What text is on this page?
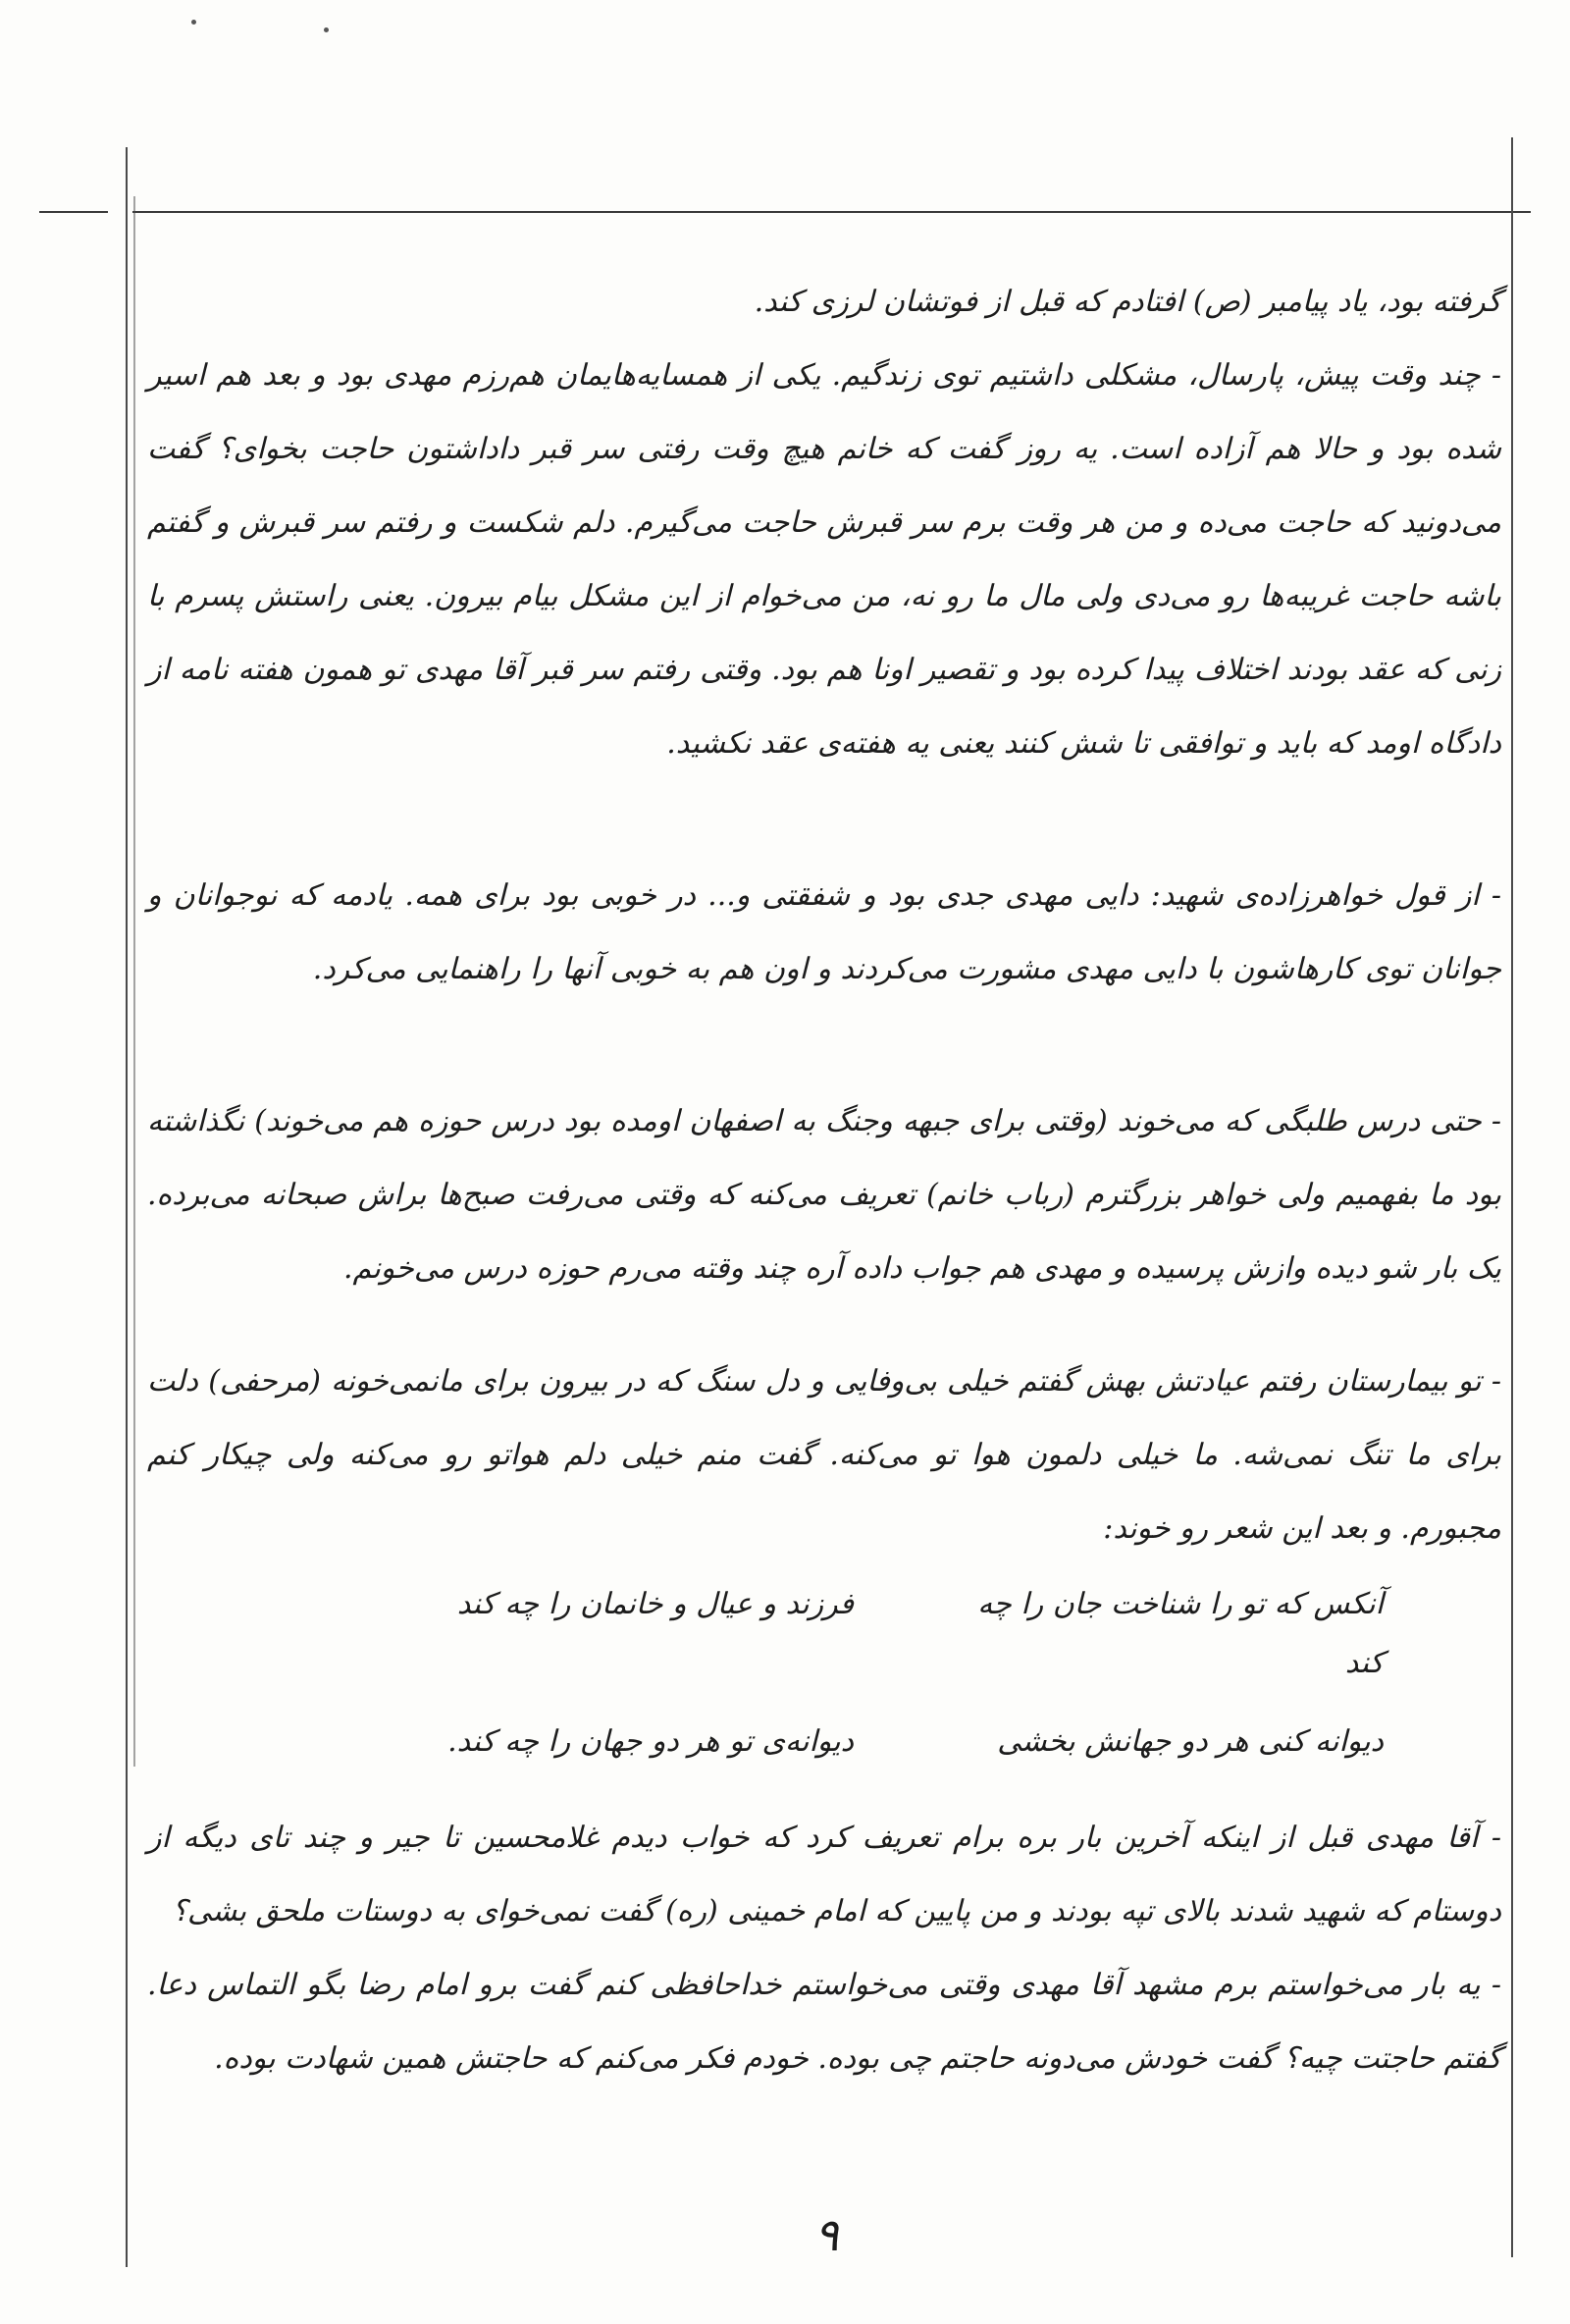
گرفته بود، یاد پیامبر (ص) افتادم که قبل از فوتشان لرزی کند.

- چند وقت پیش، پارسال، مشکلی داشتیم توی زندگیم. یکی از همسایه‌هایمان هم‌رزم مهدی بود و بعد هم اسیر شده بود و حالا هم آزاده است. یه روز گفت که خانم هیچ وقت رفتی سر قبر داداشتون حاجت بخوای؟ گفت می‌دونید که حاجت می‌ده و من هر وقت برم سر قبرش حاجت می‌گیرم. دلم شکست و رفتم سر قبرش و گفتم باشه حاجت غریبه‌ها رو می‌دی ولی مال ما رو نه، من می‌خوام از این مشکل بیام بیرون. یعنی راستش پسرم با زنی که عقد بودند اختلاف پیدا کرده بود و تقصیر اونا هم بود. وقتی رفتم سر قبر آقا مهدی تو همون هفته نامه از دادگاه اومد که باید و توافقی تا شش کنند یعنی یه هفته‌ی عقد نکشید.

- از قول خواهرزاده‌ی شهید: دایی مهدی جدی بود و شفقتی و... در خوبی بود برای همه. یادمه که نوجوانان و جوانان توی کارهاشون با دایی مهدی مشورت می‌کردند و اون هم به خوبی آنها را راهنمایی می‌کرد.

- حتی درس طلبگی که می‌خوند (وقتی برای جبهه وجنگ به اصفهان اومده بود درس حوزه هم می‌خوند) نگذاشته بود ما بفهمیم ولی خواهر بزرگترم (رباب خانم) تعریف می‌کنه که وقتی می‌رفت صبح‌ها براش صبحانه می‌برده. یک بار شو دیده وازش پرسیده و مهدی هم جواب داده آره چند وقته می‌رم حوزه درس می‌خونم.

- تو بیمارستان رفتم عیادتش بهش گفتم خیلی بی‌وفایی و دل سنگ که در بیرون برای مانمی‌خونه (مرحفی) دلت برای ما تنگ نمی‌شه. ما خیلی دلمون هوا تو می‌کنه. گفت منم خیلی دلم هواتو رو می‌کنه ولی چیکار کنم مجبورم. و بعد این شعر رو خوند:

آنکس که تو را شناخت جان را چه کند
فرزند و عیال و خانمان را چه کند
دیوانه کنی هر دو جهانش بخشی
دیوانه‌ی تو هر دو جهان را چه کند.

- آقا مهدی قبل از اینکه آخرین بار بره برام تعریف کرد که خواب دیدم غلامحسین تا جیر و چند تای دیگه از دوستام که شهید شدند بالای تپه بودند و من پایین که امام خمینی (ره) گفت نمی‌خوای به دوستات ملحق بشی؟

- یه بار می‌خواستم برم مشهد آقا مهدی وقتی می‌خواستم خداحافظی کنم گفت برو امام رضا بگو التماس دعا. گفتم حاجتت چیه؟ گفت خودش می‌دونه حاجتم چی بوده. خودم فکر می‌کنم که حاجتش همین شهادت بوده.

۹
